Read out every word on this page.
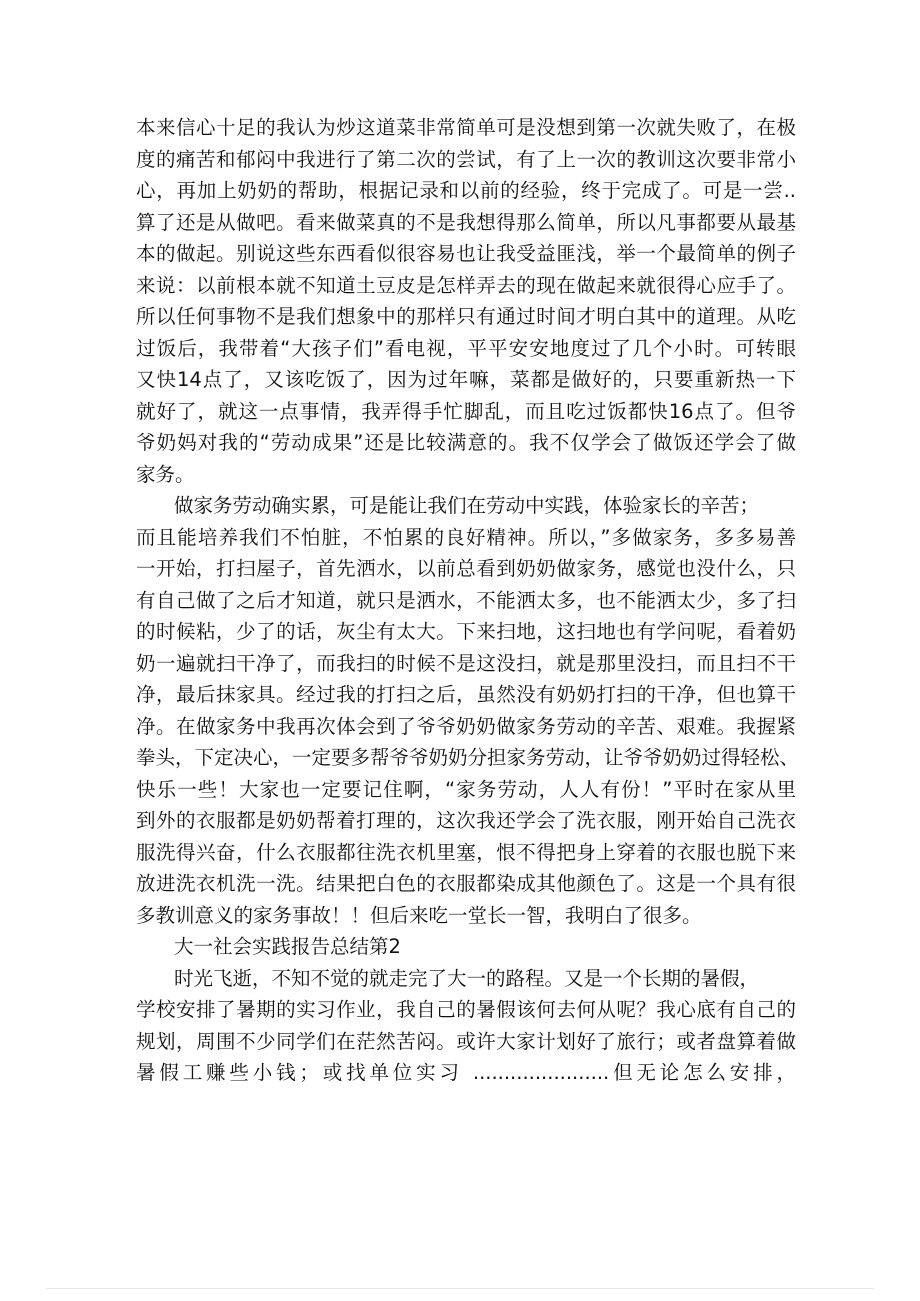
本来信心十足的我认为炒这道菜非常简单可是没想到第一次就失败了，在极
度的痛苦和郁闷中我进行了第二次的尝试，有了上一次的教训这次要非常小
心，再加上奶奶的帮助，根据记录和以前的经验，终于完成了。可是一尝..
算了还是从做吧。看来做菜真的不是我想得那么简单，所以凡事都要从最基
本的做起。别说这些东西看似很容易也让我受益匪浅，举一个最简单的例子
来说：以前根本就不知道土豆皮是怎样弄去的现在做起来就很得心应手了。
所以任何事物不是我们想象中的那样只有通过时间才明白其中的道理。从吃
过饭后，我带着“大孩子们”看电视，平平安安地度过了几个小时。可转眼
又快14点了，又该吃饭了，因为过年嘛，菜都是做好的，只要重新热一下
就好了，就这一点事情，我弄得手忙脚乱，而且吃过饭都快16点了。但爷
爷奶妈对我的“劳动成果”还是比较满意的。我不仅学会了做饭还学会了做
家务。
做家务劳动确实累，可是能让我们在劳动中实践，体验家长的辛苦；
而且能培养我们不怕脏，不怕累的良好精神。所以，”多做家务，多多易善
一开始，打扫屋子，首先洒水，以前总看到奶奶做家务，感觉也没什么，只
有自己做了之后才知道，就只是洒水，不能洒太多，也不能洒太少，多了扫
的时候粘，少了的话，灰尘有太大。下来扫地，这扫地也有学问呢，看着奶
奶一遍就扫干净了，而我扫的时候不是这没扫，就是那里没扫，而且扫不干
净，最后抹家具。经过我的打扫之后，虽然没有奶奶打扫的干净，但也算干
净。在做家务中我再次体会到了爷爷奶奶做家务劳动的辛苦、艰难。我握紧
拳头，下定决心，一定要多帮爷爷奶奶分担家务劳动，让爷爷奶奶过得轻松、
快乐一些！大家也一定要记住啊，“家务劳动，人人有份！”平时在家从里
到外的衣服都是奶奶帮着打理的，这次我还学会了洗衣服，刚开始自己洗衣
服洗得兴奋，什么衣服都往洗衣机里塞，恨不得把身上穿着的衣服也脱下来
放进洗衣机洗一洗。结果把白色的衣服都染成其他颜色了。这是一个具有很
多教训意义的家务事故！！但后来吃一堂长一智，我明白了很多。
大一社会实践报告总结第2
时光飞逝，不知不觉的就走完了大一的路程。又是一个长期的暑假，
学校安排了暑期的实习作业，我自己的暑假该何去何从呢？我心底有自己的
规划，周围不少同学们在茫然苦闷。或许大家计划好了旅行；或者盘算着做
暑假工赚些小钱；或找单位实习 ......................但无论怎么安排，
